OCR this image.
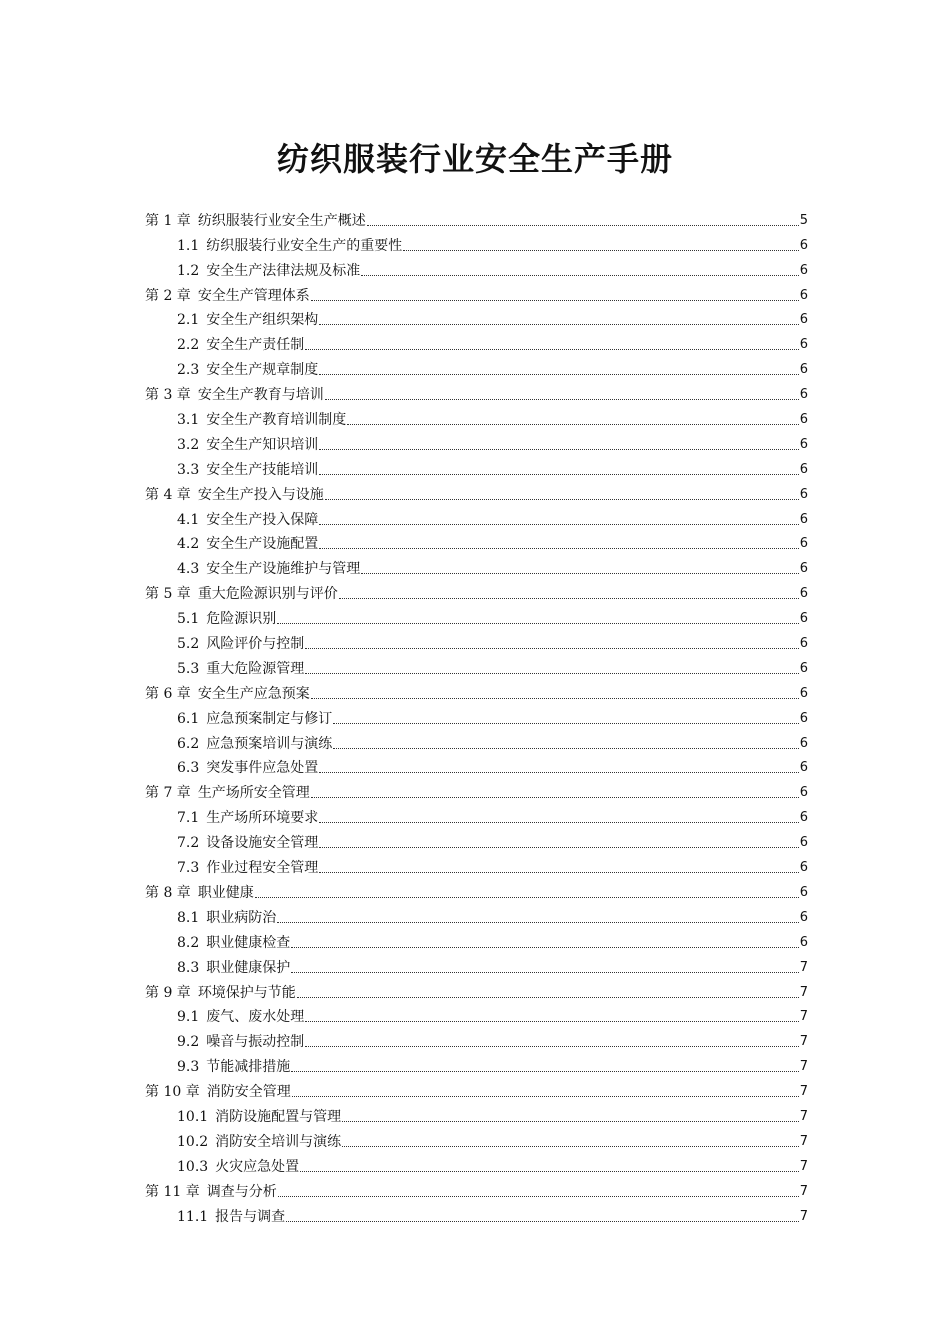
纺织服装行业安全生产手册
第 1 章 纺织服装行业安全生产概述	5
1.1 纺织服装行业安全生产的重要性	6
1.2 安全生产法律法规及标准	6
第 2 章 安全生产管理体系	6
2.1 安全生产组织架构	6
2.2 安全生产责任制	6
2.3 安全生产规章制度	6
第 3 章 安全生产教育与培训	6
3.1 安全生产教育培训制度	6
3.2 安全生产知识培训	6
3.3 安全生产技能培训	6
第 4 章 安全生产投入与设施	6
4.1 安全生产投入保障	6
4.2 安全生产设施配置	6
4.3 安全生产设施维护与管理	6
第 5 章 重大危险源识别与评价	6
5.1 危险源识别	6
5.2 风险评价与控制	6
5.3 重大危险源管理	6
第 6 章 安全生产应急预案	6
6.1 应急预案制定与修订	6
6.2 应急预案培训与演练	6
6.3 突发事件应急处置	6
第 7 章 生产场所安全管理	6
7.1 生产场所环境要求	6
7.2 设备设施安全管理	6
7.3 作业过程安全管理	6
第 8 章 职业健康	6
8.1 职业病防治	6
8.2 职业健康检查	6
8.3 职业健康保护	7
第 9 章 环境保护与节能	7
9.1 废气、废水处理	7
9.2 噪音与振动控制	7
9.3 节能减排措施	7
第 10 章 消防安全管理	7
10.1 消防设施配置与管理	7
10.2 消防安全培训与演练	7
10.3 火灾应急处置	7
第 11 章 调查与分析	7
11.1 报告与调查	7
